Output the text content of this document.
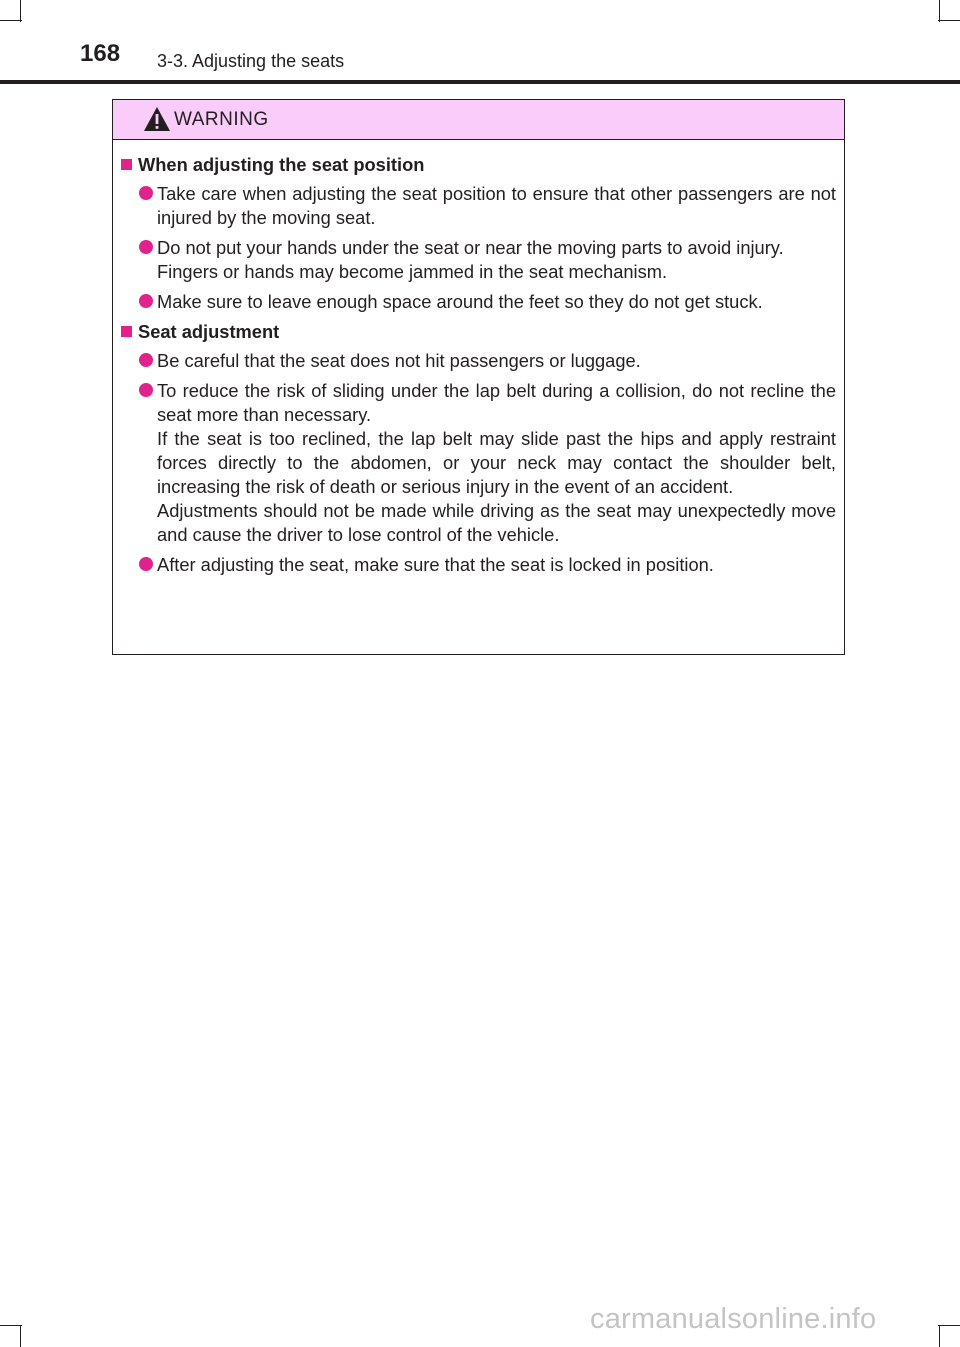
168 3-3. Adjusting the seats
WARNING
When adjusting the seat position

Take care when adjusting the seat position to ensure that other passengers are not injured by the moving seat.

Do not put your hands under the seat or near the moving parts to avoid injury.

Fingers or hands may become jammed in the seat mechanism.

Make sure to leave enough space around the feet so they do not get stuck.

Seat adjustment

Be careful that the seat does not hit passengers or luggage.

To reduce the risk of sliding under the lap belt during a collision, do not recline the seat more than necessary.

If the seat is too reclined, the lap belt may slide past the hips and apply restraint forces directly to the abdomen, or your neck may contact the shoulder belt, increasing the risk of death or serious injury in the event of an accident.

Adjustments should not be made while driving as the seat may unexpectedly move and cause the driver to lose control of the vehicle.

After adjusting the seat, make sure that the seat is locked in position.

carmanualsonline.info
